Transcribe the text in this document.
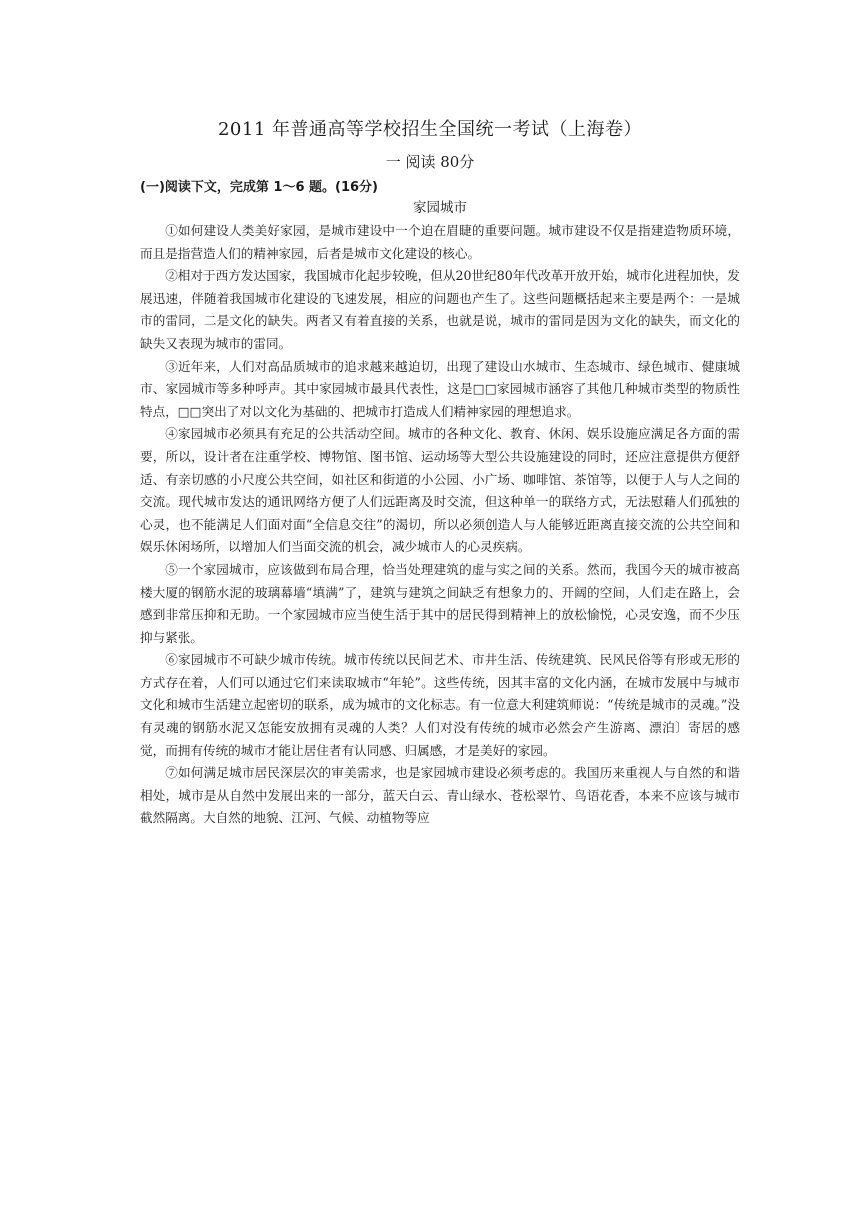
2011 年普通高等学校招生全国统一考试（上海卷）
一 阅读 80分
(一)阅读下文，完成第 1～6 题。(16分)
家园城市

①如何建设人类美好家园，是城市建设中一个迫在眉睫的重要问题。城市建设不仅是指建造物质环境，而且是指营造人们的精神家园，后者是城市文化建设的核心。

②相对于西方发达国家，我国城市化起步较晚，但从20世纪80年代改革开放开始，城市化进程加快，发展迅速，伴随着我国城市化建设的飞速发展，相应的问题也产生了。这些问题概括起来主要是两个：一是城市的雷同，二是文化的缺失。两者又有着直接的关系，也就是说，城市的雷同是因为文化的缺失，而文化的缺失又表现为城市的雷同。

③近年来，人们对高品质城市的追求越来越迫切，出现了建设山水城市、生态城市、绿色城市、健康城市、家园城市等多种呼声。其中家园城市最具代表性，这是□□家园城市涵容了其他几种城市类型的物质性特点，□□突出了对以文化为基础的、把城市打造成人们精神家园的理想追求。

④家园城市必须具有充足的公共活动空间。城市的各种文化、教育、休闲、娱乐设施应满足各方面的需要，所以，设计者在注重学校、博物馆、图书馆、运动场等大型公共设施建设的同时，还应注意提供方便舒适、有亲切感的小尺度公共空间，如社区和街道的小公园、小广场、咖啡馆、茶馆等，以便于人与人之间的交流。现代城市发达的通讯网络方便了人们远距离及时交流，但这种单一的联络方式，无法慰藉人们孤独的心灵，也不能满足人们面对面“全信息交往”的渴切，所以必须创造人与人能够近距离直接交流的公共空间和娱乐休闲场所，以增加人们当面交流的机会，减少城市人的心灵疾病。

⑤一个家园城市，应该做到布局合理，恰当处理建筑的虚与实之间的关系。然而，我国今天的城市被高楼大厦的钢筋水泥的玻璃幕墙“填满”了，建筑与建筑之间缺乏有想象力的、开阔的空间，人们走在路上，会感到非常压抑和无助。一个家园城市应当使生活于其中的居民得到精神上的放松愉悦，心灵安逸，而不少压抑与紧张。

⑥家园城市不可缺少城市传统。城市传统以民间艺术、市井生活、传统建筑、民风民俗等有形或无形的方式存在着，人们可以通过它们来读取城市“年轮”。这些传统，因其丰富的文化内涵，在城市发展中与城市文化和城市生活建立起密切的联系，成为城市的文化标志。有一位意大利建筑师说：“传统是城市的灵魂。”没有灵魂的钢筋水泥又怎能安放拥有灵魂的人类？人们对没有传统的城市必然会产生游离、漂泊〕寄居的感觉，而拥有传统的城市才能让居住者有认同感、归属感，才是美好的家园。

⑦如何满足城市居民深层次的审美需求，也是家园城市建设必须考虑的。我国历来重视人与自然的和谐相处，城市是从自然中发展出来的一部分，蓝天白云、青山绿水、苍松翠竹、鸟语花香，本来不应该与城市截然隔离。大自然的地貌、江河、气候、动植物等应
